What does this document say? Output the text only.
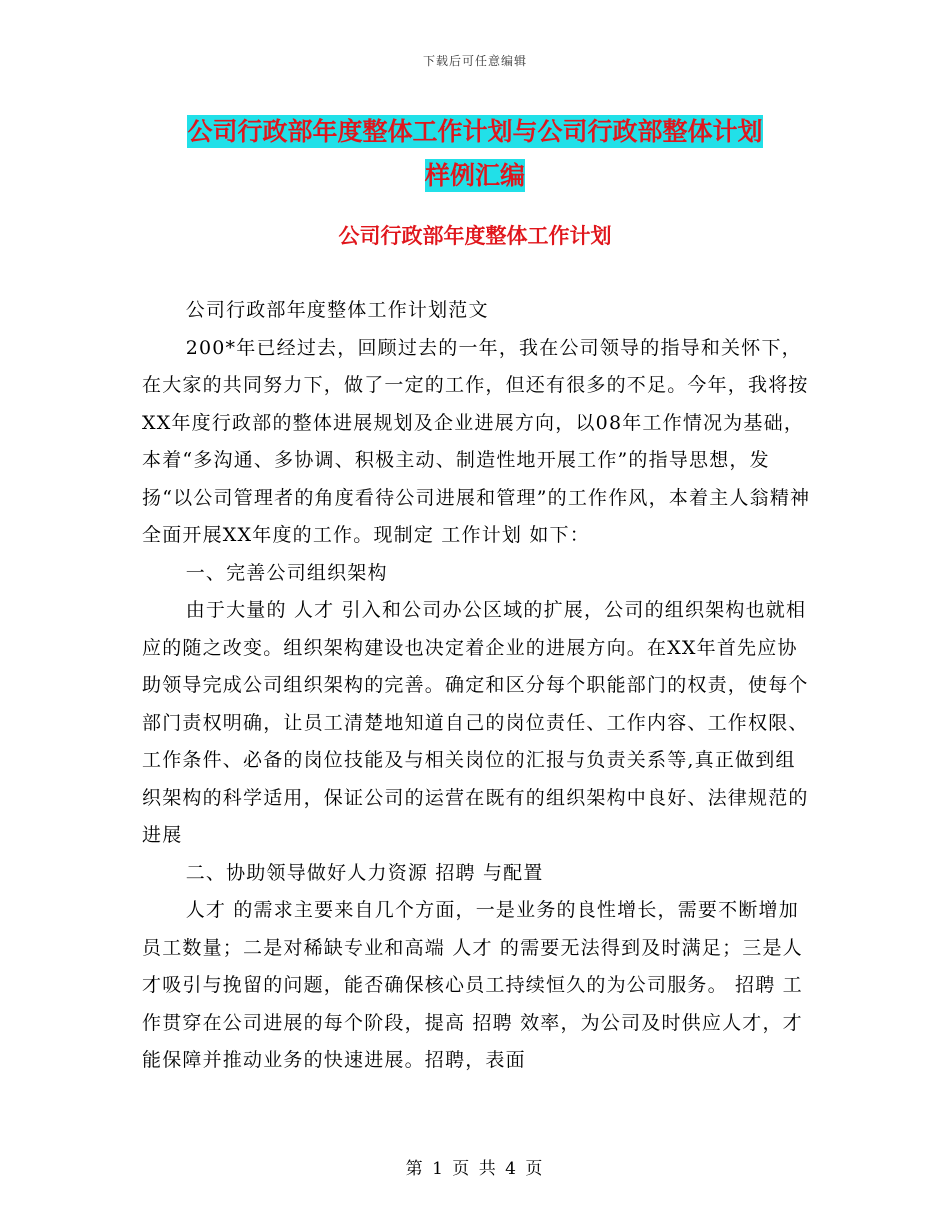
下载后可任意编辑
公司行政部年度整体工作计划与公司行政部整体计划
样例汇编
公司行政部年度整体工作计划

公司行政部年度整体工作计划范文

200*年已经过去，回顾过去的一年，我在公司领导的指导和关怀下，在大家的共同努力下，做了一定的工作，但还有很多的不足。今年，我将按XX年度行政部的整体进展规划及企业进展方向，以08年工作情况为基础，本着“多沟通、多协调、积极主动、制造性地开展工作”的指导思想，发扬“以公司管理者的角度看待公司进展和管理”的工作作风，本着主人翁精神全面开展XX年度的工作。现制定 工作计划 如下：

一、完善公司组织架构

由于大量的 人才 引入和公司办公区域的扩展，公司的组织架构也就相应的随之改变。组织架构建设也决定着企业的进展方向。在XX年首先应协助领导完成公司组织架构的完善。确定和区分每个职能部门的权责，使每个部门责权明确，让员工清楚地知道自己的岗位责任、工作内容、工作权限、工作条件、必备的岗位技能及与相关岗位的汇报与负责关系等,真正做到组织架构的科学适用，保证公司的运营在既有的组织架构中良好、法律规范的进展

二、协助领导做好人力资源 招聘 与配置

人才 的需求主要来自几个方面，一是业务的良性增长，需要不断增加员工数量；二是对稀缺专业和高端 人才 的需要无法得到及时满足；三是人才吸引与挽留的问题，能否确保核心员工持续恒久的为公司服务。 招聘 工作贯穿在公司进展的每个阶段，提高 招聘 效率，为公司及时供应人才，才能保障并推动业务的快速进展。招聘，表面

第 1 页 共 4 页
